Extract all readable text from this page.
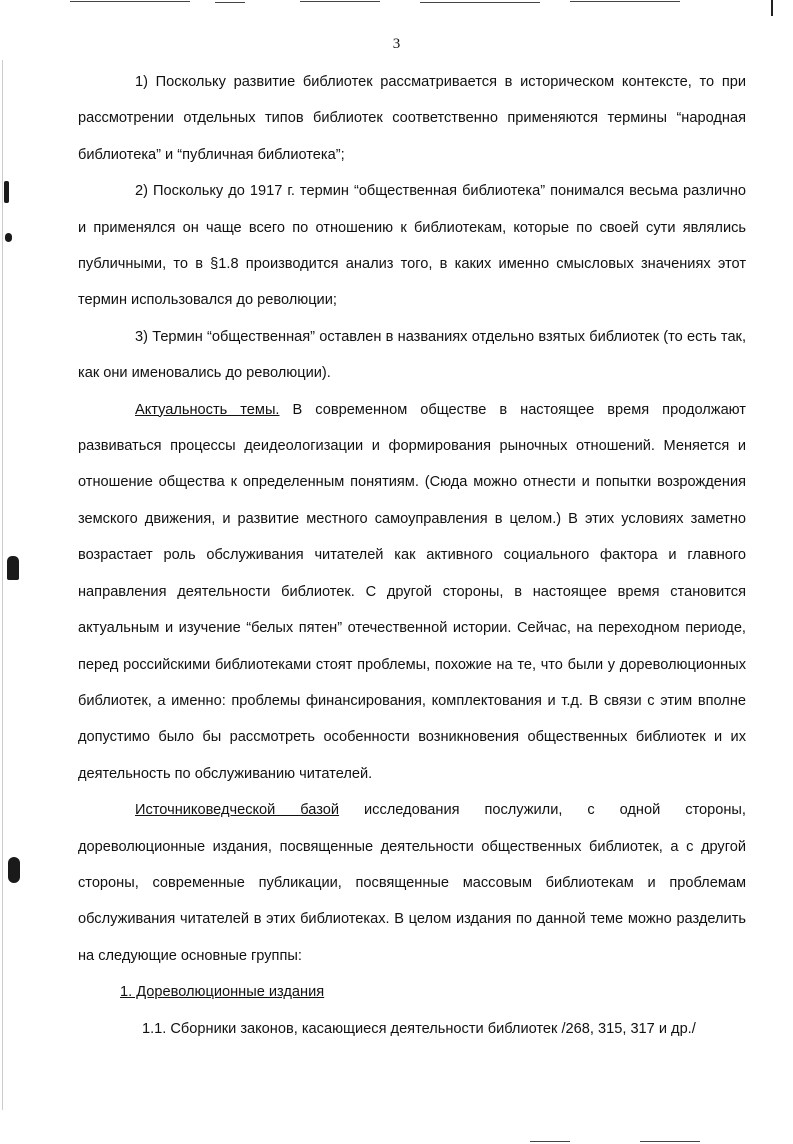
3

1) Поскольку развитие библиотек рассматривается в историческом контексте, то при рассмотрении отдельных типов библиотек соответственно применяются термины “народная библиотека” и “публичная библиотека”;

2) Поскольку до 1917 г. термин “общественная библиотека” понимался весьма различно и применялся он чаще всего по отношению к библиотекам, которые по своей сути являлись публичными, то в §1.8 производится анализ того, в каких именно смысловых значениях этот термин использовался до революции;

3) Термин “общественная” оставлен в названиях отдельно взятых библиотек (то есть так, как они именовались до революции).

Актуальность темы. В современном обществе в настоящее время продолжают развиваться процессы деидеологизации и формирования рыночных отношений. Меняется и отношение общества к определенным понятиям. (Сюда можно отнести и попытки возрождения земского движения, и развитие местного самоуправления в целом.) В этих условиях заметно возрастает роль обслуживания читателей как активного социального фактора и главного направления деятельности библиотек. С другой стороны, в настоящее время становится актуальным и изучение “белых пятен” отечественной истории. Сейчас, на переходном периоде, перед российскими библиотеками стоят проблемы, похожие на те, что были у дореволюционных библиотек, а именно: проблемы финансирования, комплектования и т.д. В связи с этим вполне допустимо было бы рассмотреть особенности возникновения общественных библиотек и их деятельность по обслуживанию читателей.

Источниковедческой базой исследования послужили, с одной стороны, дореволюционные издания, посвященные деятельности общественных библиотек, а с другой стороны, современные публикации, посвященные массовым библиотекам и проблемам обслуживания читателей в этих библиотеках. В целом издания по данной теме можно разделить на следующие основные группы:

1. Дореволюционные издания

1.1. Сборники законов, касающиеся деятельности библиотек /268, 315, 317 и др./
